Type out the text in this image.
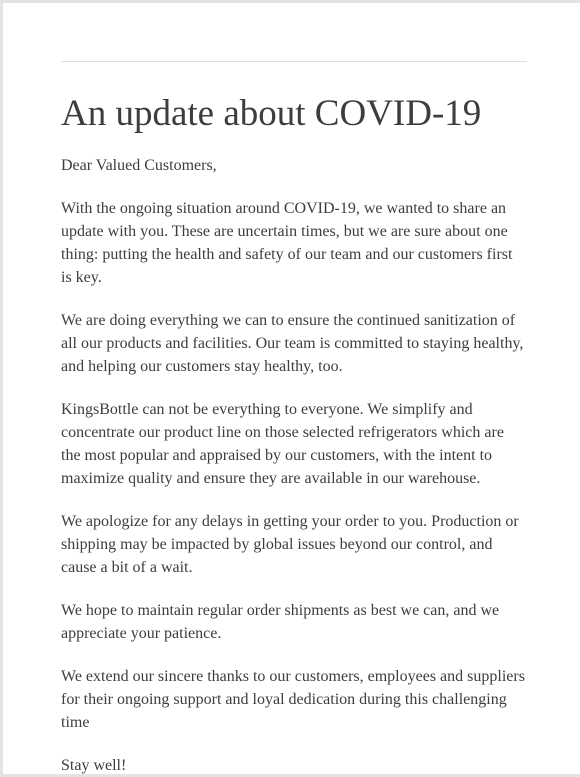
An update about COVID-19

Dear Valued Customers,

With the ongoing situation around COVID-19, we wanted to share an update with you. These are uncertain times, but we are sure about one thing: putting the health and safety of our team and our customers first is key.

We are doing everything we can to ensure the continued sanitization of all our products and facilities. Our team is committed to staying healthy, and helping our customers stay healthy, too.

KingsBottle can not be everything to everyone. We simplify and concentrate our product line on those selected refrigerators which are the most popular and appraised by our customers, with the intent to maximize quality and ensure they are available in our warehouse.

We apologize for any delays in getting your order to you. Production or shipping may be impacted by global issues beyond our control, and cause a bit of a wait.

We hope to maintain regular order shipments as best we can, and we appreciate your patience.

We extend our sincere thanks to our customers, employees and suppliers for their ongoing support and loyal dedication during this challenging time

Stay well!
